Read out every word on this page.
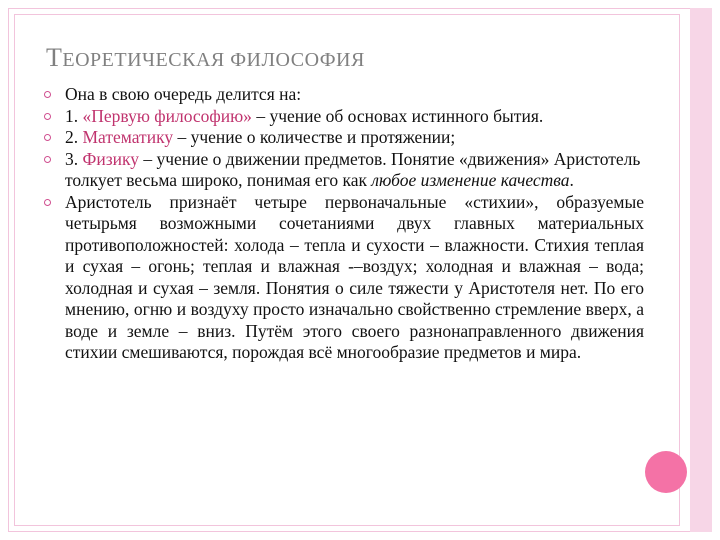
ТЕОРЕТИЧЕСКАЯ ФИЛОСОФИЯ
Она в свою очередь делится на:
1. «Первую философию» – учение об основах истинного бытия.
2. Математику – учение о количестве и протяжении;
3. Физику – учение о движении предметов. Понятие «движения» Аристотель толкует весьма широко, понимая его как любое изменение качества.
Аристотель признаёт четыре первоначальные «стихии», образуемые четырьмя возможными сочетаниями двух главных материальных противоположностей: холода – тепла и сухости – влажности. Стихия теплая и сухая – огонь; теплая и влажная -–воздух; холодная и влажная – вода; холодная и сухая – земля. Понятия о силе тяжести у Аристотеля нет. По его мнению, огню и воздуху просто изначально свойственно стремление вверх, а воде и земле – вниз. Путём этого своего разнонаправленного движения стихии смешиваются, порождая всё многообразие предметов и мира.
